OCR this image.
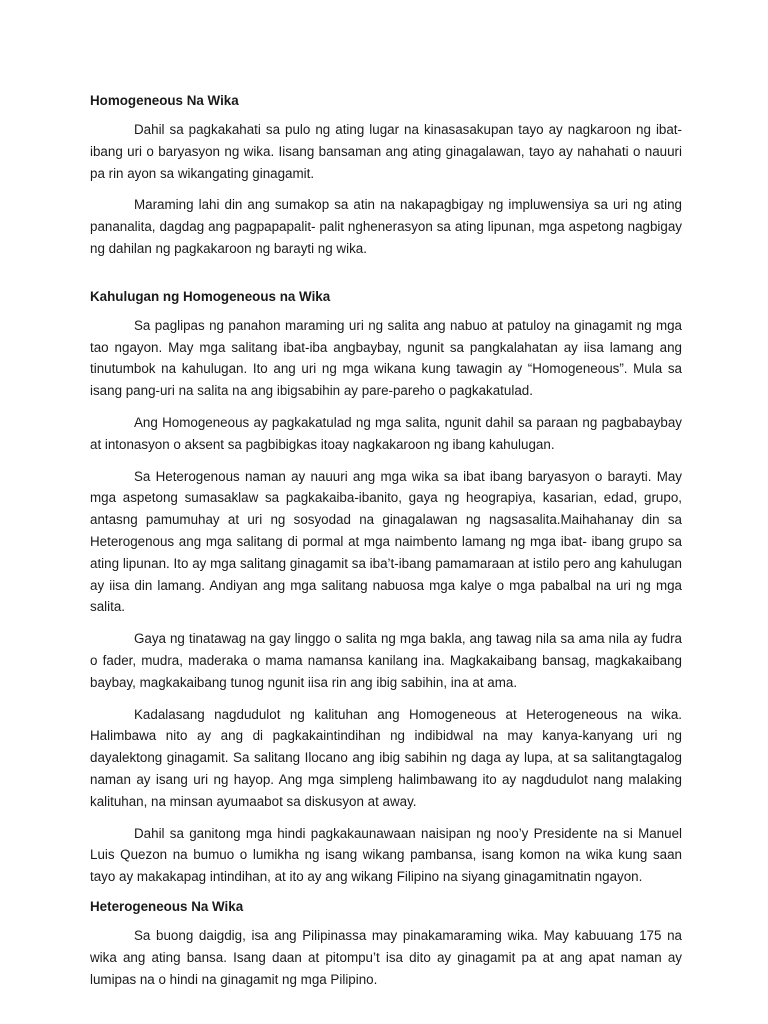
Homogeneous Na Wika

Dahil sa pagkakahati sa pulo ng ating lugar na kinasasakupan tayo ay nagkaroon ng ibat-ibang uri o baryasyon ng wika. Iisang bansaman ang ating ginagalawan, tayo ay nahahati o nauuri pa rin ayon sa wikangating ginagamit.

Maraming lahi din ang sumakop sa atin na nakapagbigay ng impluwensiya sa uri ng ating pananalita, dagdag ang pagpapapalit- palit nghenerasyon sa ating lipunan, mga aspetong nagbigay ng dahilan ng pagkakaroon ng barayti ng wika.

Kahulugan ng Homogeneous na Wika

Sa paglipas ng panahon maraming uri ng salita ang nabuo at patuloy na ginagamit ng mga tao ngayon. May mga salitang ibat-iba angbaybay, ngunit sa pangkalahatan ay iisa lamang ang tinutumbok na kahulugan. Ito ang uri ng mga wikana kung tawagin ay “Homogeneous”. Mula sa isang pang-uri na salita na ang ibigsabihin ay pare-pareho o pagkakatulad.

Ang Homogeneous ay pagkakatulad ng mga salita, ngunit dahil sa paraan ng pagbabaybay at intonasyon o aksent sa pagbibigkas itoay nagkakaroon ng ibang kahulugan.

Sa Heterogenous naman ay nauuri ang mga wika sa ibat ibang baryasyon o barayti. May mga aspetong sumasaklaw sa pagkakaiba-ibanito, gaya ng heograpiya, kasarian, edad, grupo, antasng pamumuhay at uri ng sosyodad na ginagalawan ng nagsasalita.Maihahanay din sa Heterogenous ang mga salitang di pormal at mga naimbento lamang ng mga ibat- ibang grupo sa ating lipunan. Ito ay mga salitang ginagamit sa iba’t-ibang pamamaraan at istilo pero ang kahulugan ay iisa din lamang. Andiyan ang mga salitang nabuosa mga kalye o mga pabalbal na uri ng mga salita.

Gaya ng tinatawag na gay linggo o salita ng mga bakla, ang tawag nila sa ama nila ay fudra o fader, mudra, maderaka o mama namansa kanilang ina. Magkakaibang bansag, magkakaibang baybay, magkakaibang tunog ngunit iisa rin ang ibig sabihin, ina at ama.

Kadalasang nagdudulot ng kalituhan ang Homogeneous at Heterogeneous na wika. Halimbawa nito ay ang di pagkakaintindihan ng indibidwal na may kanya-kanyang uri ng dayalektong ginagamit. Sa salitang Ilocano ang ibig sabihin ng daga ay lupa, at sa salitangtagalog naman ay isang uri ng hayop. Ang mga simpleng halimbawang ito ay nagdudulot nang malaking kalituhan, na minsan ayumaabot sa diskusyon at away.

Dahil sa ganitong mga hindi pagkakaunawaan naisipan ng noo’y Presidente na si Manuel Luis Quezon na bumuo o lumikha ng isang wikang pambansa, isang komon na wika kung saan tayo ay makakapag intindihan, at ito ay ang wikang Filipino na siyang ginagamitnatin ngayon.

Heterogeneous Na Wika

Sa buong daigdig, isa ang Pilipinassa may pinakamaraming wika. May kabuuang 175 na wika ang ating bansa. Isang daan at pitompu’t isa dito ay ginagamit pa at ang apat naman ay lumipas na o hindi na ginagamit ng mga Pilipino.
